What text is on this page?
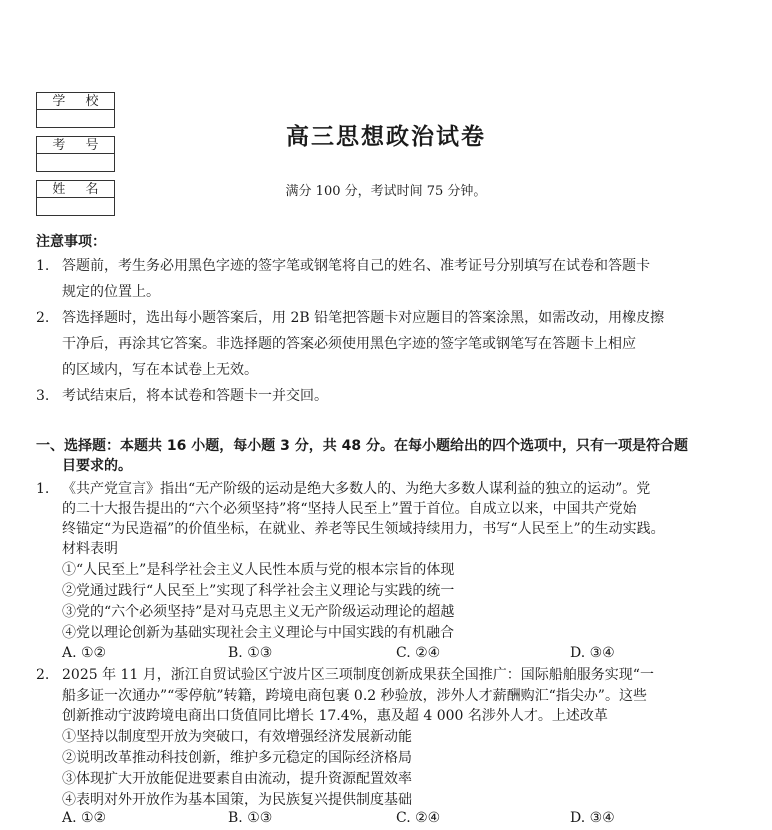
学 校
考 号
姓 名
高三思想政治试卷
满分 100 分，考试时间 75 分钟。
注意事项：
1. 答题前，考生务必用黑色字迹的签字笔或钢笔将自己的姓名、准考证号分别填写在试卷和答题卡
规定的位置上。
2. 答选择题时，选出每小题答案后，用 2B 铅笔把答题卡对应题目的答案涂黑，如需改动，用橡皮擦
干净后，再涂其它答案。非选择题的答案必须使用黑色字迹的签字笔或钢笔写在答题卡上相应
的区域内，写在本试卷上无效。
3. 考试结束后，将本试卷和答题卡一并交回。
一、选择题：本题共 16 小题，每小题 3 分，共 48 分。在每小题给出的四个选项中，只有一项是符合题
目要求的。
1. 《共产党宣言》指出“无产阶级的运动是绝大多数人的、为绝大多数人谋利益的独立的运动”。党
的二十大报告提出的“六个必须坚持”将“坚持人民至上”置于首位。自成立以来，中国共产党始
终锚定“为民造福”的价值坐标，在就业、养老等民生领域持续用力，书写“人民至上”的生动实践。
材料表明
①“人民至上”是科学社会主义人民性本质与党的根本宗旨的体现
②党通过践行“人民至上”实现了科学社会主义理论与实践的统一
③党的“六个必须坚持”是对马克思主义无产阶级运动理论的超越
④党以理论创新为基础实现社会主义理论与中国实践的有机融合
A. ①②	B. ①③	C. ②④	D. ③④
2. 2025 年 11 月，浙江自贸试验区宁波片区三项制度创新成果获全国推广：国际船舶服务实现“一
船多证一次通办”“零停航”转籍，跨境电商包裹 0.2 秒验放，涉外人才薪酬购汇“指尖办”。这些
创新推动宁波跨境电商出口货值同比增长 17.4%，惠及超 4 000 名涉外人才。上述改革
①坚持以制度型开放为突破口，有效增强经济发展新动能
②说明改革推动科技创新，维护多元稳定的国际经济格局
③体现扩大开放能促进要素自由流动，提升资源配置效率
④表明对外开放作为基本国策，为民族复兴提供制度基础
A. ①②	B. ①③	C. ②④	D. ③④
